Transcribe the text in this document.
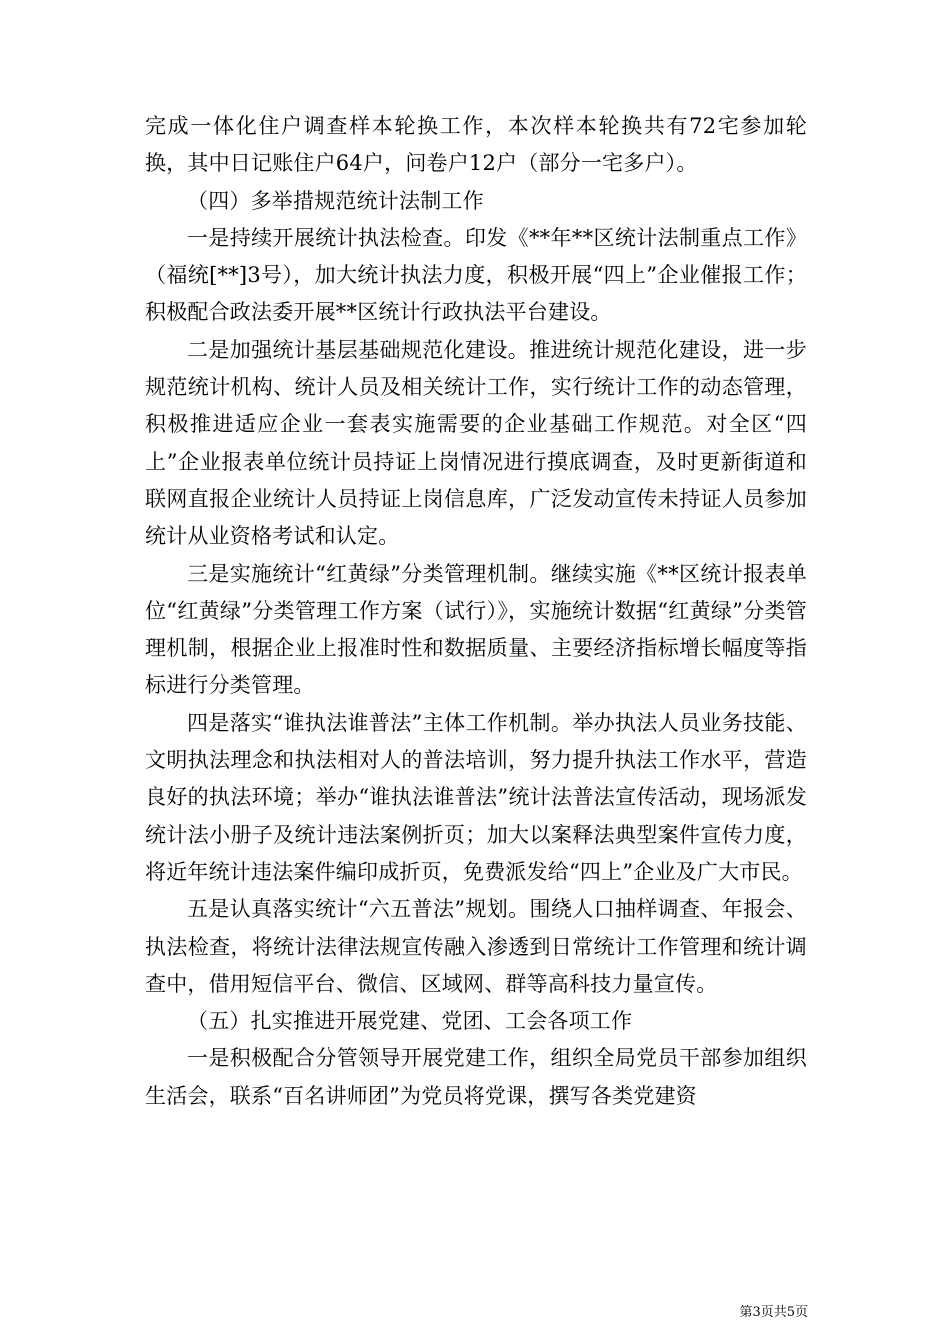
完成一体化住户调查样本轮换工作，本次样本轮换共有72宅参加轮换，其中日记账住户64户，问卷户12户（部分一宅多户）。

（四）多举措规范统计法制工作

一是持续开展统计执法检查。印发《**年**区统计法制重点工作》（福统[**]3号），加大统计执法力度，积极开展“四上”企业催报工作；积极配合政法委开展**区统计行政执法平台建设。

二是加强统计基层基础规范化建设。推进统计规范化建设，进一步规范统计机构、统计人员及相关统计工作，实行统计工作的动态管理，积极推进适应企业一套表实施需要的企业基础工作规范。对全区“四上”企业报表单位统计员持证上岗情况进行摸底调查，及时更新街道和联网直报企业统计人员持证上岗信息库，广泛发动宣传未持证人员参加统计从业资格考试和认定。

三是实施统计“红黄绿”分类管理机制。继续实施《**区统计报表单位“红黄绿”分类管理工作方案（试行）》，实施统计数据“红黄绿”分类管理机制，根据企业上报准时性和数据质量、主要经济指标增长幅度等指标进行分类管理。

四是落实“谁执法谁普法”主体工作机制。举办执法人员业务技能、文明执法理念和执法相对人的普法培训，努力提升执法工作水平，营造良好的执法环境；举办“谁执法谁普法”统计法普法宣传活动，现场派发统计法小册子及统计违法案例折页；加大以案释法典型案件宣传力度，将近年统计违法案件编印成折页，免费派发给“四上”企业及广大市民。

五是认真落实统计“六五普法”规划。围绕人口抽样调查、年报会、执法检查，将统计法律法规宣传融入渗透到日常统计工作管理和统计调查中，借用短信平台、微信、区域网、群等高科技力量宣传。

（五）扎实推进开展党建、党团、工会各项工作

一是积极配合分管领导开展党建工作，组织全局党员干部参加组织生活会，联系“百名讲师团”为党员将党课，撰写各类党建资

第3页共5页
